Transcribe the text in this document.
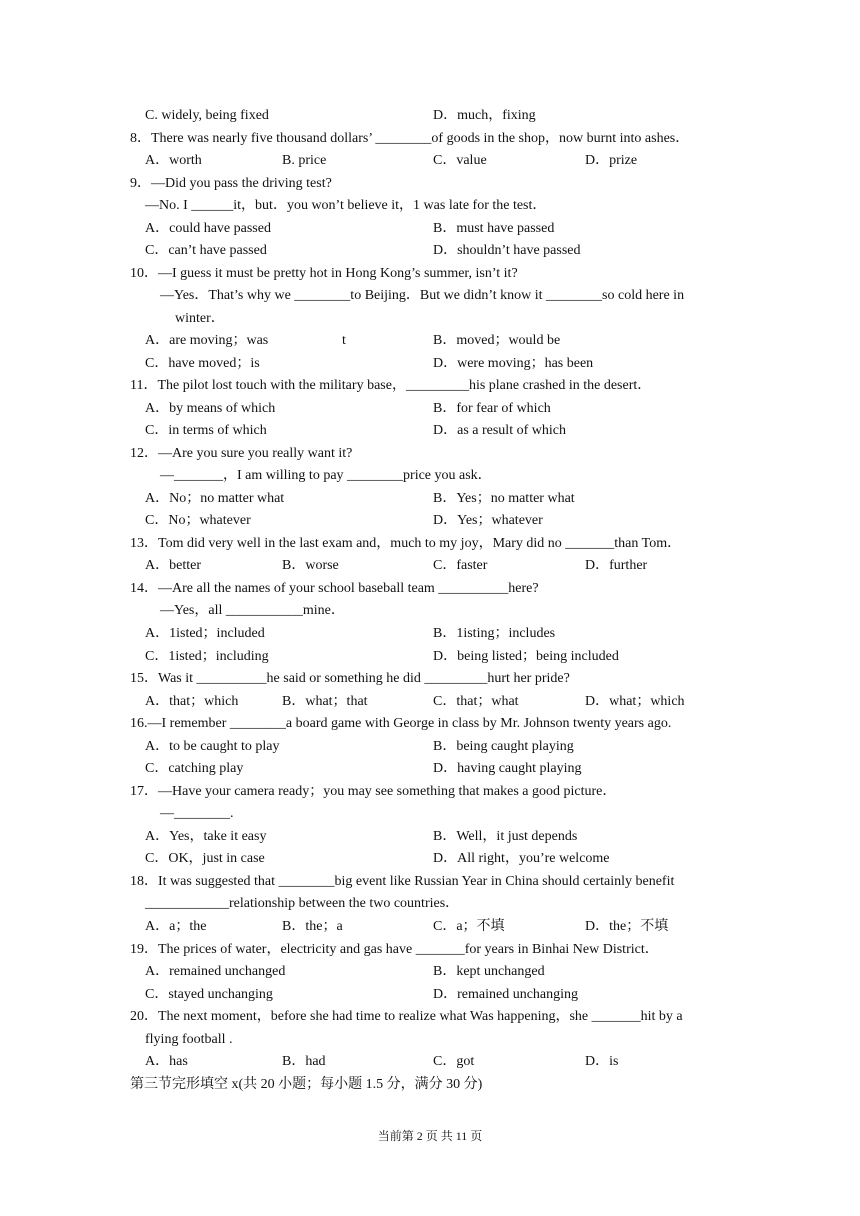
C. widely, being fixed	D．much，fixing
8．There was nearly five thousand dollars’ ________of goods in the shop，now burnt into ashes．
A．worth	B. price	C．value	D．prize
9．—Did you pass the driving test?
—No. I ______it，but．you won’t believe it，1 was late for the test．
A．could have passed	B．must have passed
C．can’t have passed	D．shouldn’t have passed
10．—I guess it must be pretty hot in Hong Kong’s summer, isn’t it?
—Yes．That’s why we ________to Beijing．But we didn’t know it ________so cold here in
winter．
A．are moving；was	t	B．moved；would be
C．have moved；is	D．were moving；has been
11．The pilot lost touch with the military base，_________his plane crashed in the desert．
A．by means of which	B．for fear of which
C．in terms of which	D．as a result of which
12．—Are you sure you really want it?
—_______，I am willing to pay ________price you ask．
A．No；no matter what	B．Yes；no matter what
C．No；whatever	D．Yes；whatever
13．Tom did very well in the last exam and，much to my joy，Mary did no _______than Tom．
A．better	B．worse	C．faster	D．further
14．—Are all the names of your school baseball team __________here?
—Yes，all ___________mine．
A．1isted；included	B．1isting；includes
C．1isted；including	D．being listed；being included
15．Was it __________he said or something he did _________hurt her pride?
A．that；which	B．what；that	C．that；what	D．what；which
16.—I remember ________a board game with George in class by Mr. Johnson twenty years ago.
A．to be caught to play	B．being caught playing
C．catching play	D．having caught playing
17．—Have your camera ready；you may see something that makes a good picture．
—________.
A．Yes，take it easy	B．Well，it just depends
C．OK，just in case	D．All right，you’re welcome
18．It was suggested that ________big event like Russian Year in China should certainly benefit
____________relationship between the two countries．
A．a；the	B．the；a	C．a；不填	D．the；不填
19．The prices of water，electricity and gas have _______for years in Binhai New District．
A．remained unchanged	B．kept unchanged
C．stayed unchanging	D．remained unchanging
20．The next moment，before she had time to realize what Was happening，she _______hit by a
flying football .
A．has	B．had	C．got	D．is
第三节完形填空 x(共 20 小题；每小题 1.5 分，满分 30 分)
当前第 2 页 共 11 页
